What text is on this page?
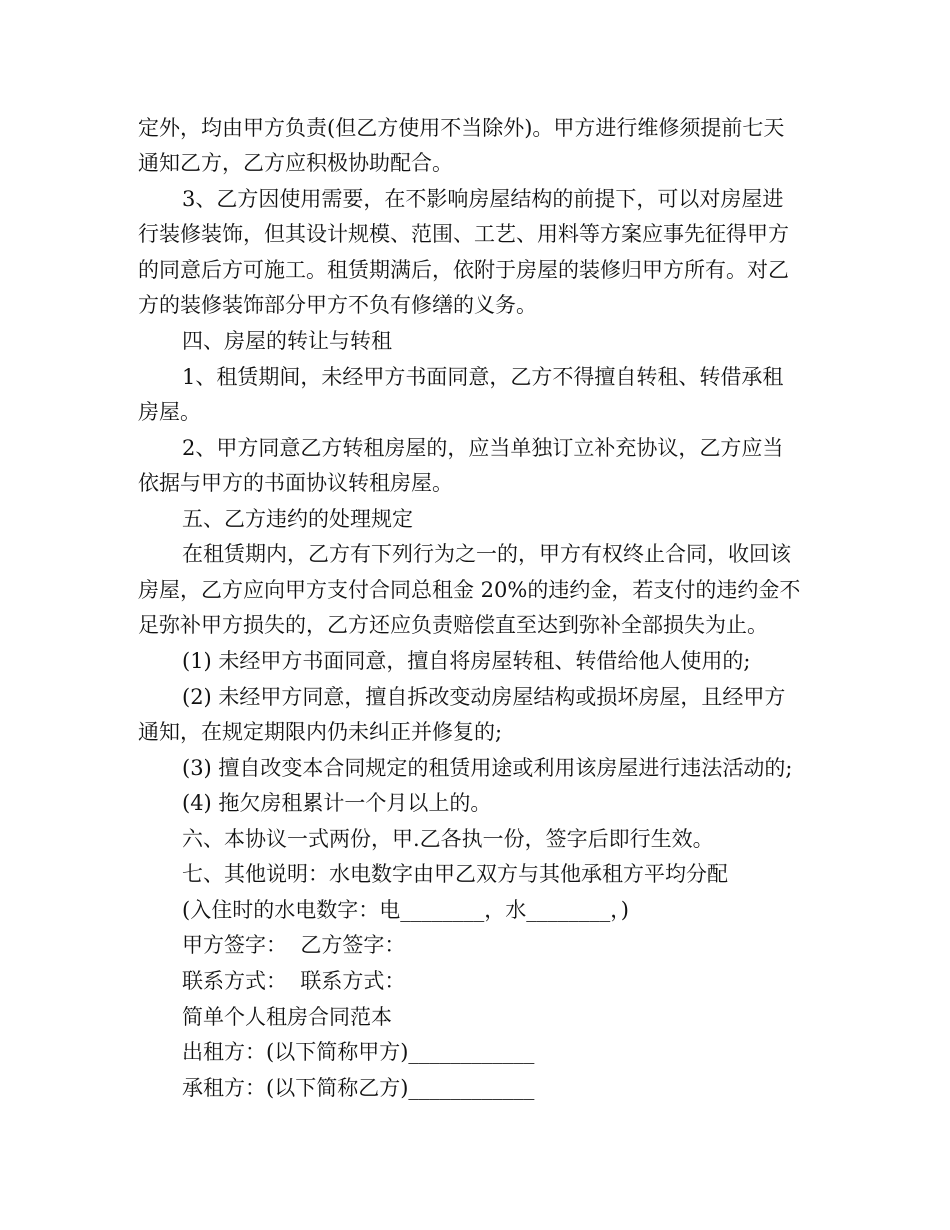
定外，均由甲方负责(但乙方使用不当除外)。甲方进行维修须提前七天
通知乙方，乙方应积极协助配合。
3、乙方因使用需要，在不影响房屋结构的前提下，可以对房屋进
行装修装饰，但其设计规模、范围、工艺、用料等方案应事先征得甲方
的同意后方可施工。租赁期满后，依附于房屋的装修归甲方所有。对乙
方的装修装饰部分甲方不负有修缮的义务。
四、房屋的转让与转租
1、租赁期间，未经甲方书面同意，乙方不得擅自转租、转借承租
房屋。
2、甲方同意乙方转租房屋的，应当单独订立补充协议，乙方应当
依据与甲方的书面协议转租房屋。
五、乙方违约的处理规定
在租赁期内，乙方有下列行为之一的，甲方有权终止合同，收回该
房屋，乙方应向甲方支付合同总租金 20%的违约金，若支付的违约金不
足弥补甲方损失的，乙方还应负责赔偿直至达到弥补全部损失为止。
(1) 未经甲方书面同意，擅自将房屋转租、转借给他人使用的;
(2) 未经甲方同意，擅自拆改变动房屋结构或损坏房屋，且经甲方
通知，在规定期限内仍未纠正并修复的;
(3) 擅自改变本合同规定的租赁用途或利用该房屋进行违法活动的;
(4) 拖欠房租累计一个月以上的。
六、本协议一式两份，甲.乙各执一份，签字后即行生效。
七、其他说明：水电数字由甲乙双方与其他承租方平均分配
(入住时的水电数字：电________，水________，)
甲方签字：  乙方签字：
联系方式：  联系方式：
简单个人租房合同范本
出租方：(以下简称甲方)____________
承租方：(以下简称乙方)____________
